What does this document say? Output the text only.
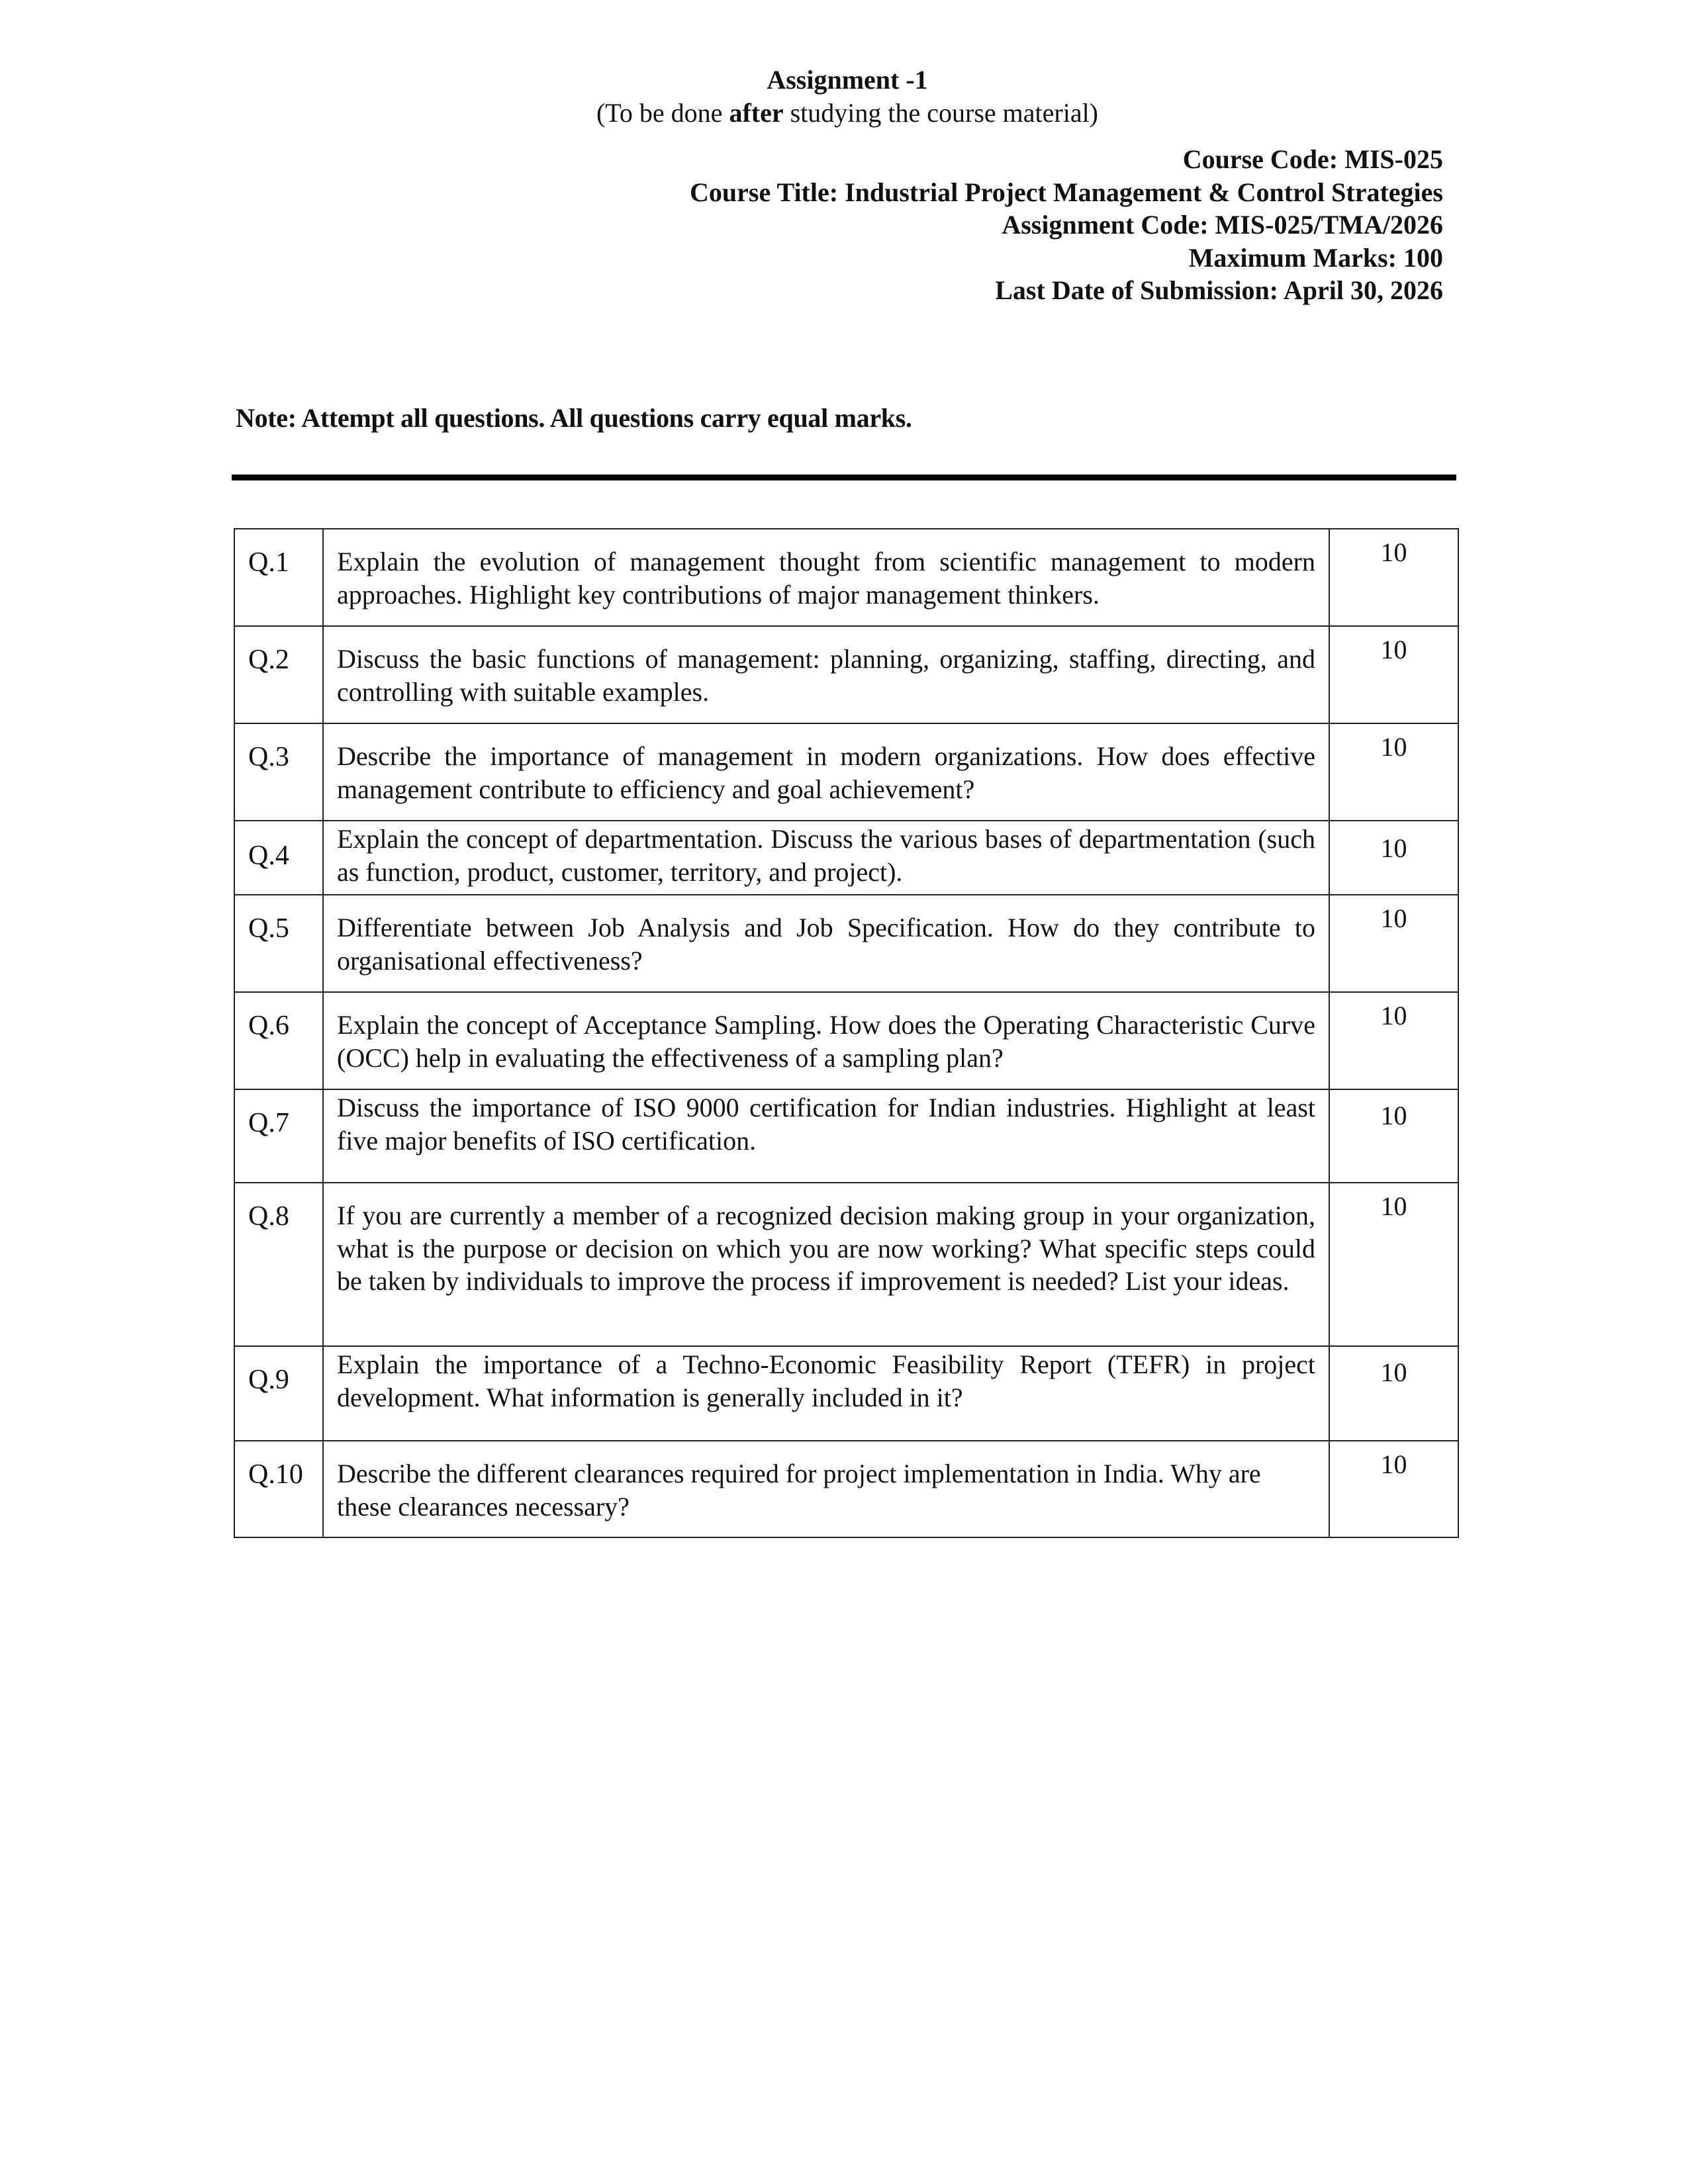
Assignment -1
(To be done after studying the course material)
Course Code: MIS-025
Course Title: Industrial Project Management & Control Strategies
Assignment Code: MIS-025/TMA/2026
Maximum Marks: 100
Last Date of Submission: April 30, 2026
Note: Attempt all questions. All questions carry equal marks.
Q.1	Explain the evolution of management thought from scientific management to modern approaches. Highlight key contributions of major management thinkers.	10
Q.2	Discuss the basic functions of management: planning, organizing, staffing, directing, and controlling with suitable examples.	10
Q.3	Describe the importance of management in modern organizations. How does effective management contribute to efficiency and goal achievement?	10
Q.4	Explain the concept of departmentation. Discuss the various bases of departmentation (such as function, product, customer, territory, and project).	10
Q.5	Differentiate between Job Analysis and Job Specification. How do they contribute to organisational effectiveness?	10
Q.6	Explain the concept of Acceptance Sampling. How does the Operating Characteristic Curve (OCC) help in evaluating the effectiveness of a sampling plan?	10
Q.7	Discuss the importance of ISO 9000 certification for Indian industries. Highlight at least five major benefits of ISO certification.	10
Q.8	If you are currently a member of a recognized decision making group in your organization, what is the purpose or decision on which you are now working? What specific steps could be taken by individuals to improve the process if improvement is needed? List your ideas.	10
Q.9	Explain the importance of a Techno-Economic Feasibility Report (TEFR) in project development. What information is generally included in it?	10
Q.10	Describe the different clearances required for project implementation in India. Why are these clearances necessary?	10
